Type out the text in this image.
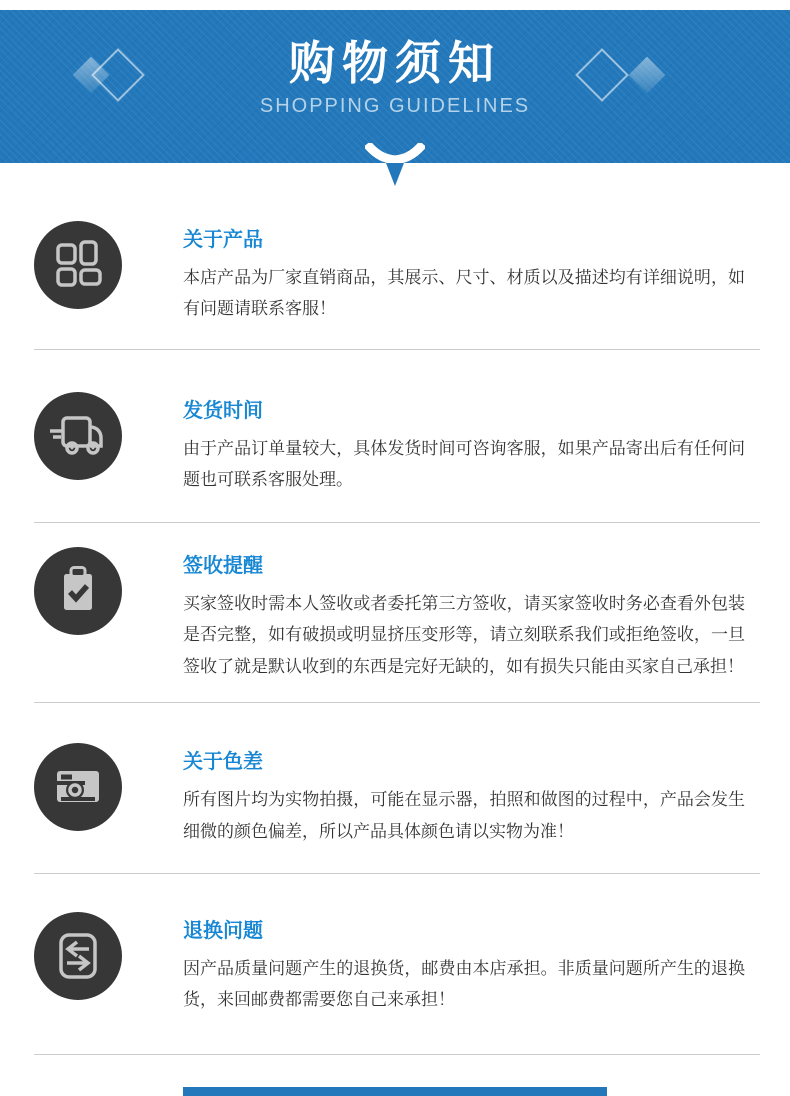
购物须知
SHOPPING GUIDELINES
关于产品

本店产品为厂家直销商品，其展示、尺寸、材质以及描述均有详细说明，如有问题请联系客服！

发货时间

由于产品订单量较大，具体发货时间可咨询客服，如果产品寄出后有任何问题也可联系客服处理。

签收提醒

买家签收时需本人签收或者委托第三方签收，请买家签收时务必查看外包装是否完整，如有破损或明显挤压变形等，请立刻联系我们或拒绝签收，一旦签收了就是默认收到的东西是完好无缺的，如有损失只能由买家自己承担！

关于色差

所有图片均为实物拍摄，可能在显示器，拍照和做图的过程中，产品会发生细微的颜色偏差，所以产品具体颜色请以实物为准！

退换问题

因产品质量问题产生的退换货，邮费由本店承担。非质量问题所产生的退换货，来回邮费都需要您自己来承担！
